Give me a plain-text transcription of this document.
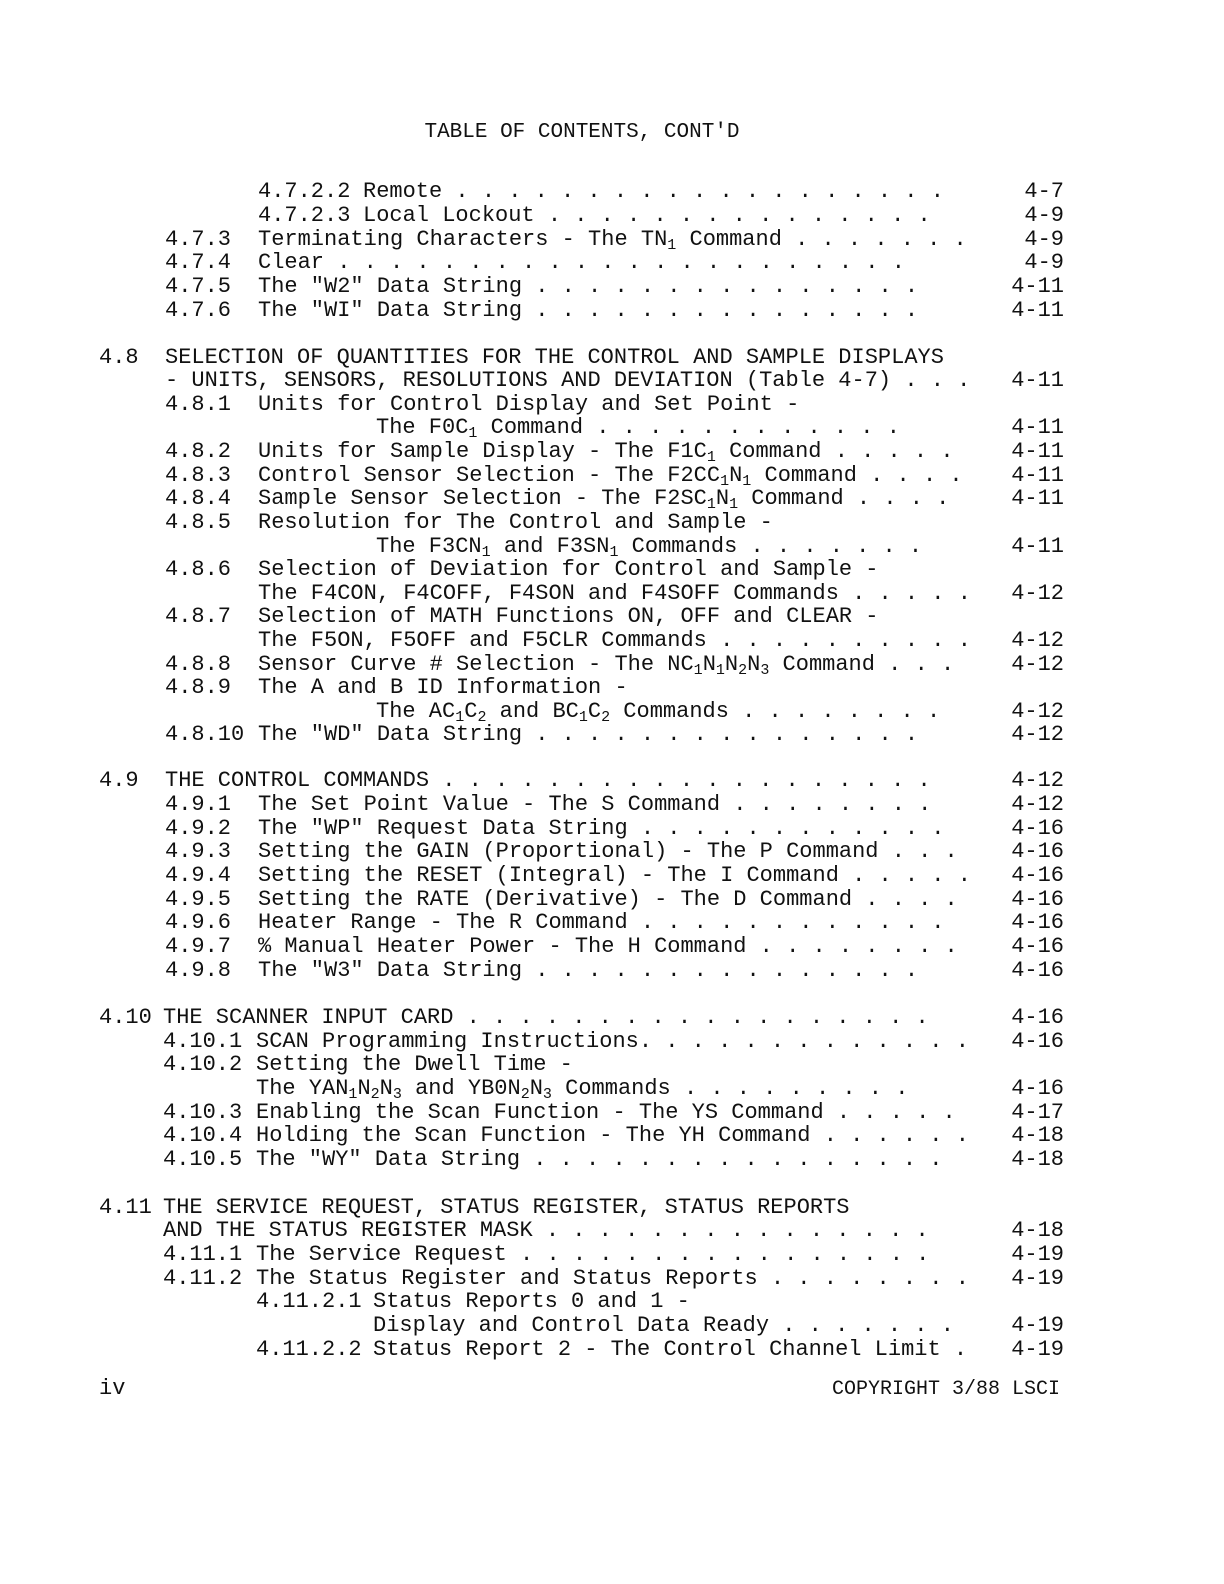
TABLE OF CONTENTS, CONT'D
4.7.2.2 Remote . . . . . . . . . . . . . . . . . . .	4-7
4.7.2.3 Local Lockout . . . . . . . . . . . . . . .	4-9
4.7.3 Terminating Characters - The $TN_1$ Command . . . . . . .	4-9
4.7.4 Clear . . . . . . . . . . . . . . . . . . . . . .	4-9
4.7.5 The "W2" Data String . . . . . . . . . . . . . . .	4-11
4.7.6 The "WI" Data String . . . . . . . . . . . . . . .	4-11
4.8 SELECTION OF QUANTITIES FOR THE CONTROL AND SAMPLE DISPLAYS
- UNITS, SENSORS, RESOLUTIONS AND DEVIATION (Table 4-7) . . . 4-11
4.8.1 Units for Control Display and Set Point -
The $F0C_1$ Command . . . . . . . . . . . .	4-11
4.8.2 Units for Sample Display - The $F1C_1$ Command . . . . .	4-11
4.8.3 Control Sensor Selection - The $F2CC_1N_1$ Command . . . . 4-11
4.8.4 Sample Sensor Selection - The $F2SC_1N_1$ Command . . . .	4-11
4.8.5 Resolution for The Control and Sample -
The $F3CN_1$ and $F3SN_1$ Commands . . . . . . .	4-11
4.8.6 Selection of Deviation for Control and Sample -
The F4CON, F4COFF, F4SON and F4SOFF Commands . . . . . 4-12
4.8.7 Selection of MATH Functions ON, OFF and CLEAR -
The F5ON, F5OFF and F5CLR Commands . . . . . . . . . . 4-12
4.8.8 Sensor Curve # Selection - The $NC_1N_1N_2N_3$ Command . . .	4-12
4.8.9 The A and B ID Information -
The $AC_1C_2$ and $BC_1C_2$ Commands . . . . . . . .	4-12
4.8.10 The "WD" Data String . . . . . . . . . . . . . . .	4-12
4.9 THE CONTROL COMMANDS . . . . . . . . . . . . . . . . . . .	4-12
4.9.1 The Set Point Value - The S Command . . . . . . . .	4-12
4.9.2 The "WP" Request Data String . . . . . . . . . . . .	4-16
4.9.3 Setting the GAIN (Proportional) - The P Command . . . 4-16
4.9.4 Setting the RESET (Integral) - The I Command . . . . . 4-16
4.9.5 Setting the RATE (Derivative) - The D Command . . . . 4-16
4.9.6 Heater Range - The R Command . . . . . . . . . . . .	4-16
4.9.7 % Manual Heater Power - The H Command . . . . . . . . 4-16
4.9.8 The "W3" Data String . . . . . . . . . . . . . . .	4-16
4.10 THE SCANNER INPUT CARD . . . . . . . . . . . . . . . . . .	4-16
4.10.1 SCAN Programming Instructions. . . . . . . . . . . . . 4-16
4.10.2 Setting the Dwell Time -
The $YAN_1N_2N_3$ and $YB0N_2N_3$ Commands . . . . . . . . .	4-16
4.10.3 Enabling the Scan Function - The YS Command . . . . .	4-17
4.10.4 Holding the Scan Function - The YH Command . . . . . . 4-18
4.10.5 The "WY" Data String . . . . . . . . . . . . . . . .	4-18
4.11 THE SERVICE REQUEST, STATUS REGISTER, STATUS REPORTS
AND THE STATUS REGISTER MASK . . . . . . . . . . . . . . .	4-18
4.11.1 The Service Request . . . . . . . . . . . . . . . .	4-19
4.11.2 The Status Register and Status Reports . . . . . . . . 4-19
4.11.2.1 Status Reports 0 and 1 -
Display and Control Data Ready . . . . . . .	4-19
4.11.2.2 Status Report 2 - The Control Channel Limit . 4-19
iv	COPYRIGHT 3/88 LSCI
